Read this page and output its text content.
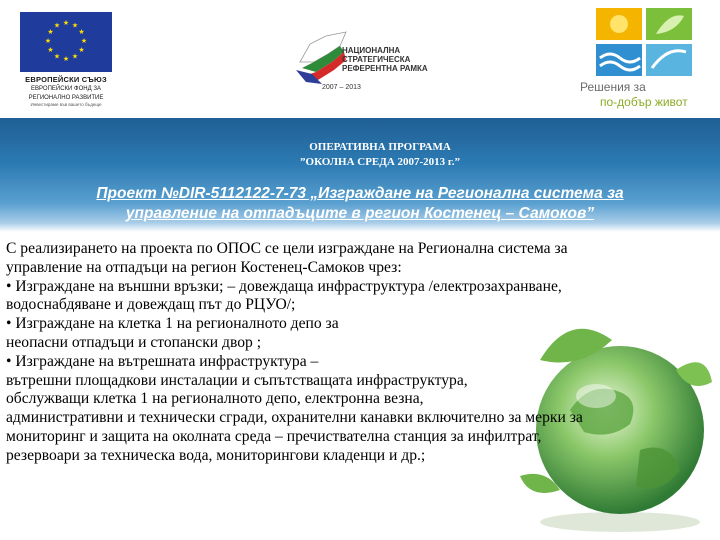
★ ★
★
★
★
★
★
★
★
★
★
★
ЕВРОПЕЙСКИ СЪЮЗ
ЕВРОПЕЙСКИ ФОНД ЗА
РЕГИОНАЛНО РАЗВИТИЕ
Инвестираме във вашето бъдеще
НАЦИОНАЛНА
СТРАТЕГИЧЕСКА
РЕФЕРЕНТНА РАМКА
2007 – 2013	Решения за
по-добър живот
ОПЕРАТИВНА ПРОГРАМА
”ОКОЛНА СРЕДА 2007-2013 г.”
Проект №DIR-5112122-7-73 „Изграждане на Регионална система за
управление на отпадъците в регион Костенец – Самоков”
С реализирането на проекта по ОПОС се цели изграждане на Регионална система за
управление на отпадъци на регион Костенец-Самоков чрез:
• Изграждане на външни връзки; – довеждаща инфраструктура /електрозахранване,
водоснабдяване и довеждащ път до РЦУО/;
• Изграждане на клетка 1 на регионалното депо за
неопасни отпадъци и стопански двор ;
• Изграждане на вътрешната инфраструктура –
вътрешни площадкови инсталации и съпътстващата инфраструктура,
обслужващи клетка 1 на регионалното депо, електронна везна,
административни и технически сгради, охранителни канавки включително за мерки за
мониторинг и защита на околната среда – пречиствателна станция за инфилтрат,
резервоари за техническа вода, мониторингови кладенци и др.;
